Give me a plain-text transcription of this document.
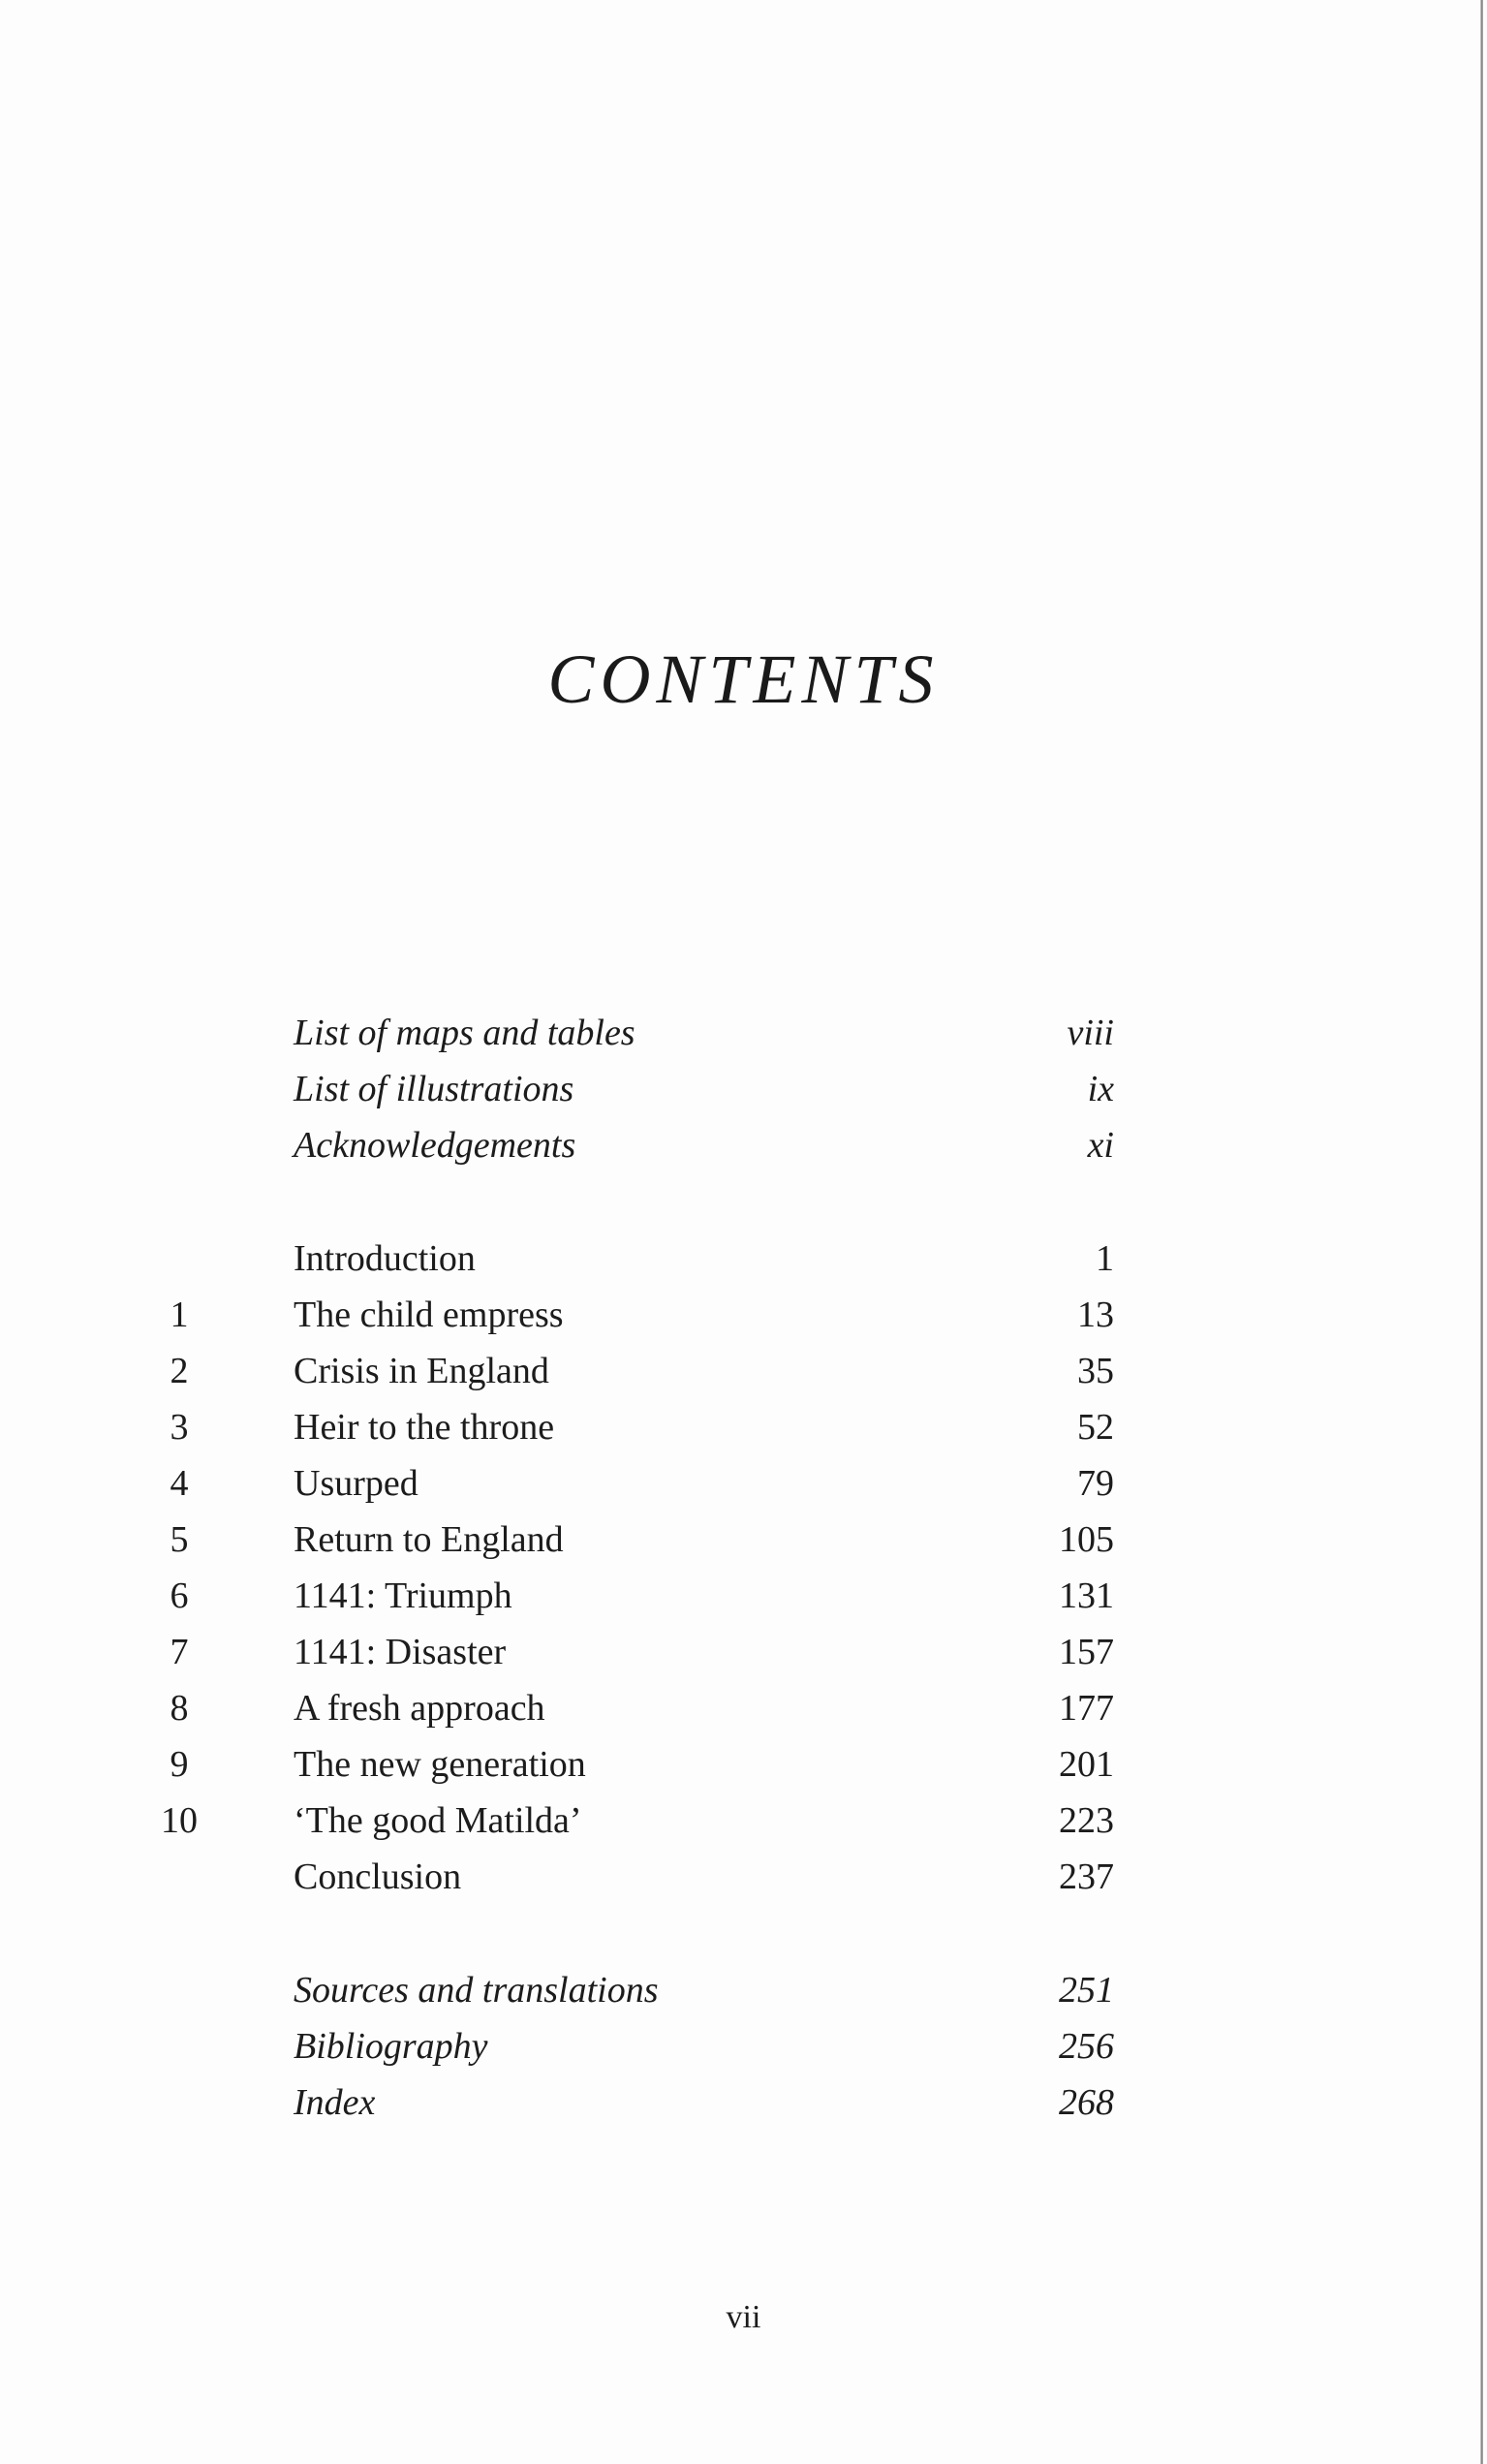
CONTENTS
List of maps and tables	viii
List of illustrations	ix
Acknowledgements	xi
Introduction	1
1	The child empress	13
2	Crisis in England	35
3	Heir to the throne	52
4	Usurped	79
5	Return to England	105
6	1141: Triumph	131
7	1141: Disaster	157
8	A fresh approach	177
9	The new generation	201
10	‘The good Matilda’	223
Conclusion	237
Sources and translations	251
Bibliography	256
Index	268
vii
